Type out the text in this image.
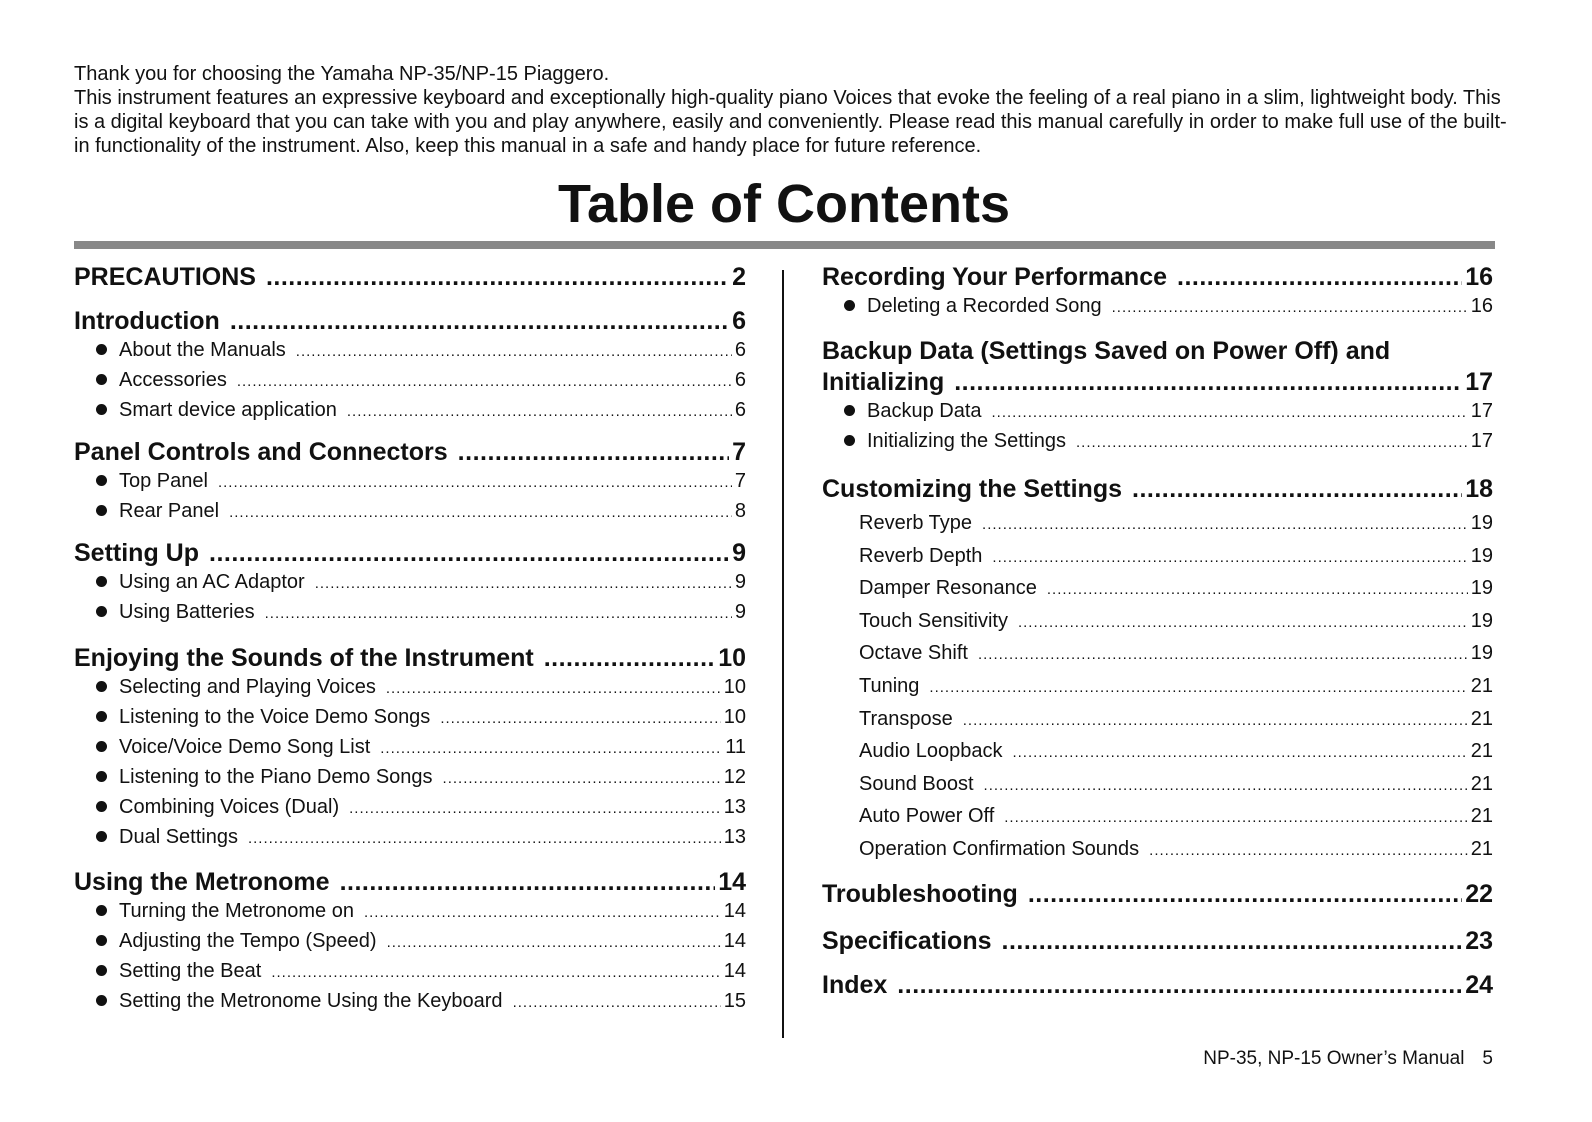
Thank you for choosing the Yamaha NP-35/NP-15 Piaggero.

This instrument features an expressive keyboard and exceptionally high-quality piano Voices that evoke the feeling of a real piano in a slim, lightweight body. This is a digital keyboard that you can take with you and play anywhere, easily and conveniently. Please read this manual carefully in order to make full use of the built-in functionality of the instrument. Also, keep this manual in a safe and handy place for future reference.

Table of Contents
PRECAUTIONS .....	2
Introduction .....	6
About the Manuals .....	6
Accessories .....	6
Smart device application .....	6
Panel Controls and Connectors .....	7
Top Panel .....	7
Rear Panel .....	8
Setting Up .....	9
Using an AC Adaptor .....	9
Using Batteries .....	9
Enjoying the Sounds of the Instrument .....	10
Selecting and Playing Voices .....	10
Listening to the Voice Demo Songs .....	10
Voice/Voice Demo Song List .....	11
Listening to the Piano Demo Songs .....	12
Combining Voices (Dual) .....	13
Dual Settings .....	13
Using the Metronome .....	14
Turning the Metronome on .....	14
Adjusting the Tempo (Speed) .....	14
Setting the Beat .....	14
Setting the Metronome Using the Keyboard .....	15
Recording Your Performance .....	16
Deleting a Recorded Song .....	16
Backup Data (Settings Saved on Power Off) and
Initializing .....	17
Backup Data .....	17
Initializing the Settings .....	17
Customizing the Settings .....	18
Reverb Type .....	19
Reverb Depth .....	19
Damper Resonance .....	19
Touch Sensitivity .....	19
Octave Shift .....	19
Tuning .....	21
Transpose .....	21
Audio Loopback .....	21
Sound Boost .....	21
Auto Power Off .....	21
Operation Confirmation Sounds .....	21
Troubleshooting .....	22
Specifications .....	23
Index .....	24
NP-35, NP-15 Owner’s Manual 5
